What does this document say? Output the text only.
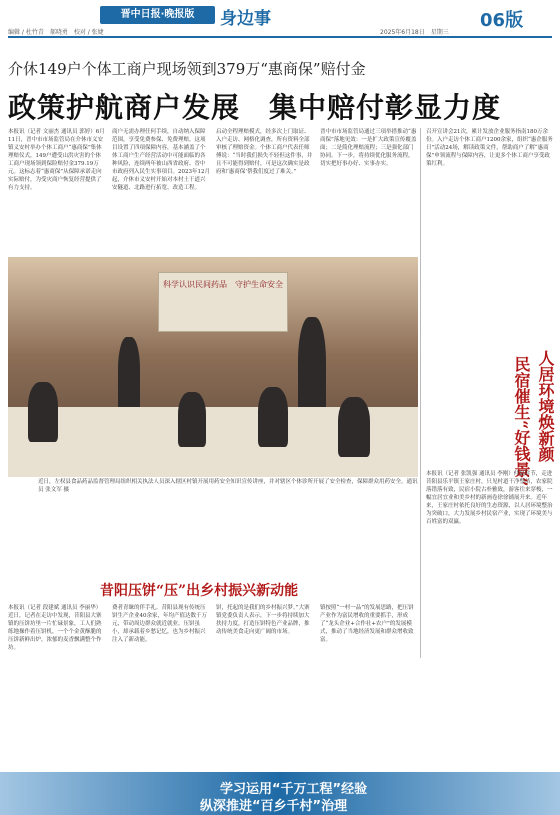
晋中日报·晚报版	身边事	06版
编辑 / 杜竹青　郝哓勇　校对 / 张婕	2025年6月18日　星期三
介休149户个体工商户现场领到379万“惠商保”赔付金
政策护航商户发展　集中赔付彰显力度
本报讯（记者 文丽杰 通讯员 郭婷）6月11日，晋中市市场监管局在介休市义安镇义安村举办个体工商户“惠商保”集体理赔仪式，149户遭受山洪灾害的个体工商户现场领到保险赔付金379.19万元。这标志着“惠商保”从保障承诺走向实际赔付，为受灾商户恢复经营提供了有力支持。
商户无需办理任何手续，自动纳入保障范围，享受免费参保、免费理赔。这项目设置了四项保障内容，基本涵盖了个体工商户生产经营活动中可能面临的各种风险，连续两年被山西省政府、晋中市政府列入民生实事项目。2023年12月起，介休市义安村开始对本村土干道兴安隧道、北路进行拓宽、改造工程。
启动全程理赔模式，经多次上门取证、入户走访、网格化调查，所有资料全部审核了理赔资金。个体工商户代表任师傅说：“当时我们损失不轻但这件事，并且不可能得到赔付，可是这次确实是政府和‘惠商保’帮我们度过了难关。”
晋中市市场监管局通过三项举措推动“惠商保”落地见效：一是扩大政策宣传覆盖面；二是简化理赔流程；三是强化部门协同。下一步，将持续优化服务流程，切实把好事办好、实事办实。
科学认识民间药品　守护生命安全
近日，左权县食品药品监督管理局组织相关执法人员深入辖区村镇开展用药安全知识宣传讲座，并对辖区个体诊所开展了安全检查，保障群众用药安全。通讯员 张文军 摄
召开宣讲会21次，累计发放企业服务指南180万余份。入户走访个体工商户1200余家，组织“惠企服务日”活动24场，解读政策文件，帮助商户了解“惠商保”申领流程与保障内容，让更多个体工商户享受政策红利。
人居环境焕新颜
民宿催生“好钱景”
本报讯（记者 张凯强 通讯员 李刚）仲夏时节，走进昔阳县乐平镇王家庄村，只见村道干净整洁，农家院落错落有致，民宿小院古朴雅致，游客往来穿梭，一幅宜居宜业和美乡村的新画卷徐徐铺展开来。近年来，王家庄村依托良好的生态资源，以人居环境整治为突破口，大力发展乡村民宿产业，实现了环境美与百姓富的双赢。
昔阳压饼“压”出乡村振兴新动能
本报讯（记者 段建斌 通讯员 李丽华）近日，记者在走访中发现，昔阳县大寨镇的压饼坊里一片忙碌景象，工人们熟练地操作着压饼机，一个个金黄酥脆的压饼新鲜出炉，浓郁的麦香飘满整个作坊。
费者青睐的伴手礼。昔阳县现有传统压饼生产企业40余家，年均产值达数千万元，带动周边群众就近就业。压饼虽小，却承载着乡愁记忆，也为乡村振兴注入了新动能。
饼，托起的是我们的乡村振兴梦。”大寨镇党委负责人表示，下一步将持续加大扶持力度，打造压饼特色产业品牌，推动传统美食走向更广阔的市场。
镇按照“一村一品”的发展思路，把压饼产业作为富民增收的重要抓手，形成了“龙头企业+合作社+农户”的发展模式，推动了当地经济发展和群众增收致富。
学习运用“千万工程”经验
纵深推进“百乡千村”治理
